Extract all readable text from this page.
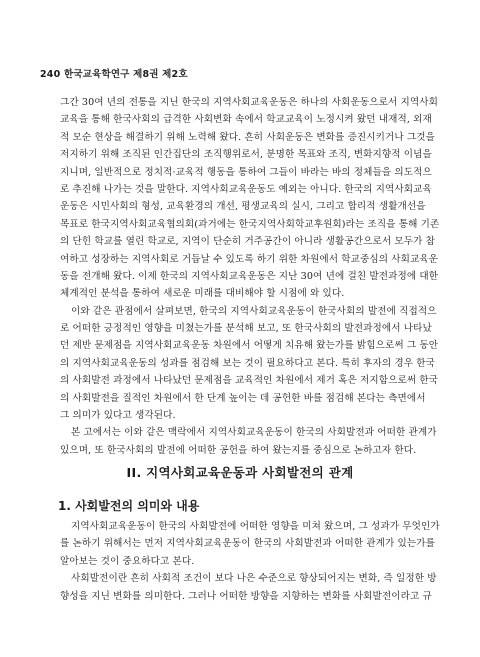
240 한국교육학연구 제8권 제2호
그간 30여 년의 전통을 지닌 한국의 지역사회교육운동은 하나의 사회운동으로서 지역사회
교육을 통해 한국사회의 급격한 사회변화 속에서 학교교육이 노정시켜 왔던 내재적, 외재
적 모순 현상을 해결하기 위해 노력해 왔다. 흔히 사회운동은 변화를 증진시키거나 그것을
저지하기 위해 조직된 인간집단의 조직행위로서, 분명한 목표와 조직, 변화지향적 이념을
지니며, 일반적으로 정치적·교육적 행동을 통하여 그들이 바라는 바의 정체들을 의도적으
로 추진해 나가는 것을 말한다. 지역사회교육운동도 예외는 아니다. 한국의 지역사회교육
운동은 시민사회의 형성, 교육환경의 개선, 평생교육의 실시, 그리고 합리적 생활개선을
목표로 한국지역사회교육협의회(과거에는 한국지역사회학교후원회)라는 조직을 통해 기존
의 단힌 학교를 열린 학교로, 지역이 단순히 거주공간이 아니라 생활공간으로서 모두가 참
여하고 성장하는 지역사회로 거듭날 수 있도록 하기 위한 차원에서 학교중심의 사회교육운
동을 전개해 왔다. 이제 한국의 지역사회교육운동은 지난 30여 년에 걸친 발전과정에 대한
체계적인 분석을 통하여 새로운 미래를 대비해야 할 시점에 와 있다.
이와 같은 관점에서 살펴보면, 한국의 지역사회교육운동이 한국사회의 발전에 직접적으
로 어떠한 긍정적인 영향을 미쳤는가를 분석해 보고, 또 한국사회의 발전과정에서 나타났
던 제반 문제점을 지역사회교육운동 차원에서 어떻게 치유해 왔는가를 밝힘으로써 그 동안
의 지역사회교육운동의 성과를 점검해 보는 것이 필요하다고 본다. 특히 후자의 경우 한국
의 사회발전 과정에서 나타났던 문제점을 교육적인 차원에서 제거 혹은 저지함으로써 한국
의 사회발전을 질적인 차원에서 한 단계 높이는 데 공헌한 바를 점검해 본다는 측면에서
그 의미가 있다고 생각된다.
본 고에서는 이와 같은 맥락에서 지역사회교육운동이 한국의 사회발전과 어떠한 관계가
있으며, 또 한국사회의 발전에 어떠한 공헌을 하여 왔는지를 중심으로 논하고자 한다.
II. 지역사회교육운동과 사회발전의 관계
1. 사회발전의 의미와 내용
지역사회교육운동이 한국의 사회발전에 어떠한 영향을 미쳐 왔으며, 그 성과가 무엇인가
를 논하기 위해서는 먼저 지역사회교육운동이 한국의 사회발전과 어떠한 관계가 있는가를
알아보는 것이 중요하다고 본다.
사회발전이란 흔히 사회적 조건이 보다 나은 수준으로 향상되어지는 변화, 즉 일정한 방
향성을 지닌 변화를 의미한다. 그러나 어떠한 방향을 지향하는 변화를 사회발전이라고 규
